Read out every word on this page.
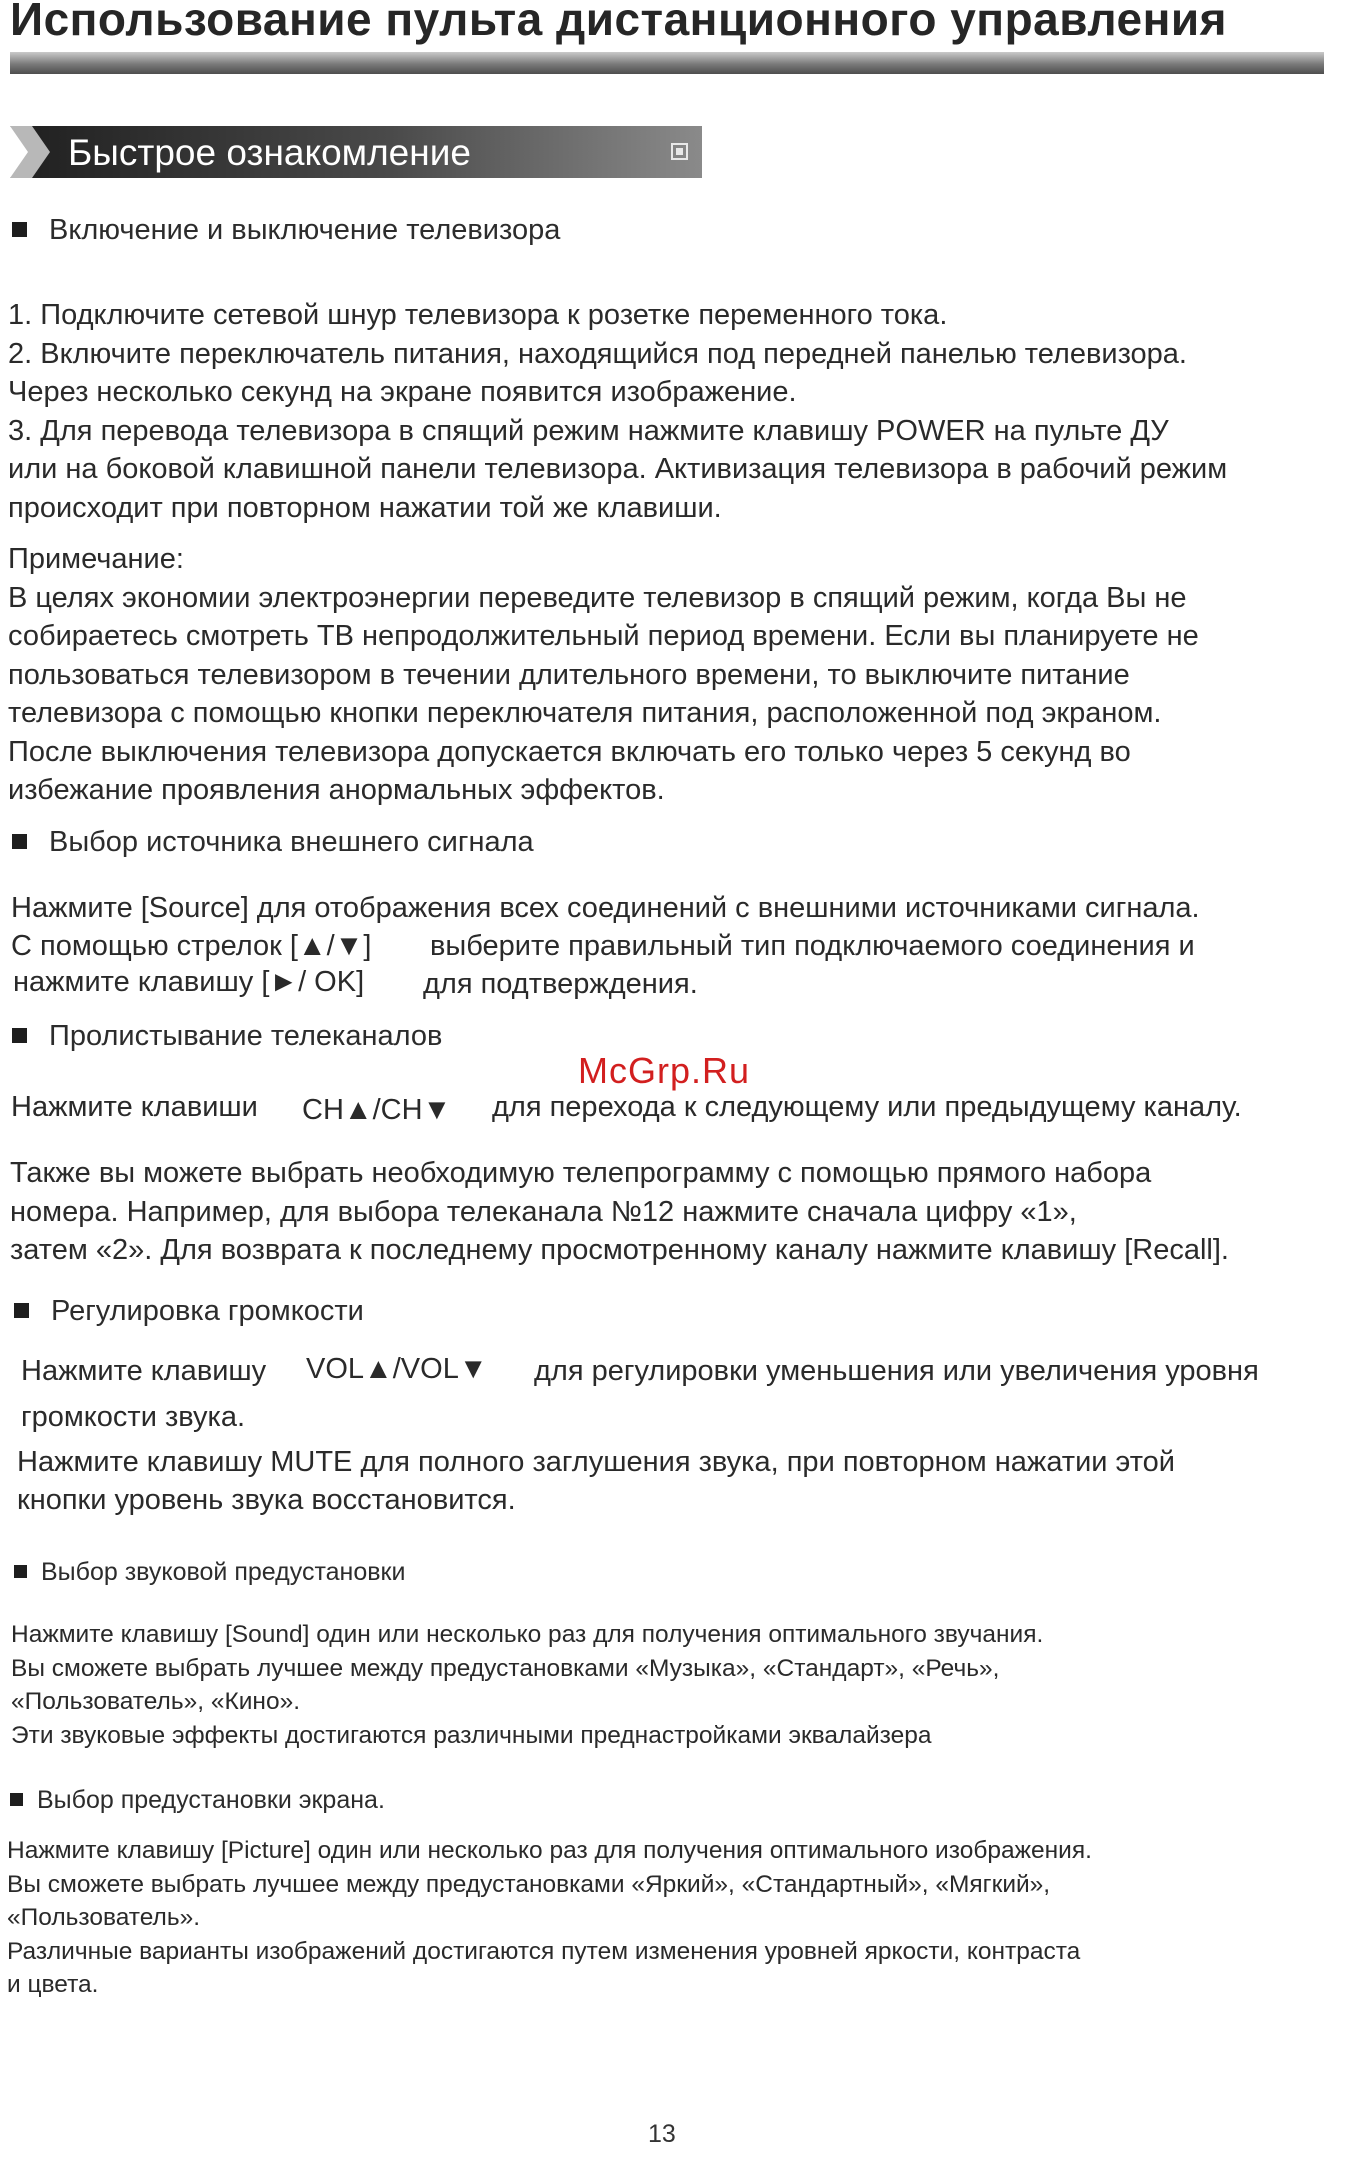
Использование пульта дистанционного управления
Быстрое ознакомление
Включение и выключение телевизора
1. Подключите сетевой шнур телевизора к розетке переменного тока.
2. Включите переключатель питания, находящийся под передней панелью телевизора.
Через несколько секунд на экране появится изображение.
3. Для перевода телевизора в спящий режим нажмите клавишу POWER на пульте ДУ
или на боковой клавишной панели телевизора. Активизация телевизора в рабочий режим
происходит при повторном нажатии той же клавиши.
Примечание:
В целях экономии электроэнергии переведите телевизор в спящий режим, когда Вы не
собираетесь смотреть ТВ непродолжительный период времени. Если вы планируете не
пользоваться телевизором в течении длительного времени, то выключите питание
телевизора с помощью кнопки переключателя питания, расположенной под экраном.
После выключения телевизора допускается включать его только через 5 секунд во
избежание проявления анормальных эффектов.
Выбор источника внешнего сигнала
Нажмите [Source] для отображения всех соединений с внешними источниками сигнала.
С помощью стрелок [▲/▼] выберите правильный тип подключаемого соединения и
нажмите клавишу [►/ OK] для подтверждения.
Пролистывание телеканалов
McGrp.Ru
Нажмите клавиши CH▲/CH▼ для перехода к следующему или предыдущему каналу.
Также вы можете выбрать необходимую телепрограмму с помощью прямого набора
номера. Например, для выбора телеканала №12 нажмите сначала цифру «1»,
затем «2». Для возврата к последнему просмотренному каналу нажмите клавишу [Recall].
Регулировка громкости
Нажмите клавишу VOL▲/VOL▼ для регулировки уменьшения или увеличения уровня
громкости звука.
Нажмите клавишу MUTE для полного заглушения звука, при повторном нажатии этой
кнопки уровень звука восстановится.
Выбор звуковой предустановки
Нажмите клавишу [Sound] один или несколько раз для получения оптимального звучания.
Вы сможете выбрать лучшее между предустановками «Музыка», «Стандарт», «Речь»,
«Пользователь», «Кино».
Эти звуковые эффекты достигаются различными преднастройками эквалайзера
Выбор предустановки экрана.
Нажмите клавишу [Picture] один или несколько раз для получения оптимального изображения.
Вы сможете выбрать лучшее между предустановками «Яркий», «Стандартный», «Мягкий»,
«Пользователь».
Различные варианты изображений достигаются путем изменения уровней яркости, контраста
и цвета.
13
